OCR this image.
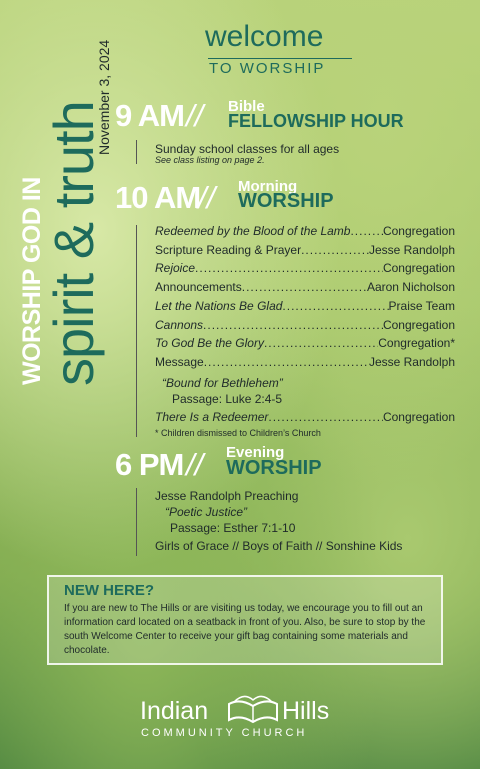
November 3, 2024
WORSHIP GOD IN
spirit & truth
welcome
TO WORSHIP
9 AM // Bible
FELLOWSHIP HOUR
Sunday school classes for all ages
See class listing on page 2.
10 AM
// Morning
WORSHIP
Redeemed by the Blood of the Lamb .....	Congregation
Scripture Reading & Prayer .....	Jesse Randolph
Rejoice .....	Congregation
Announcements .....	Aaron Nicholson
Let the Nations Be Glad .....	Praise Team
Cannons .....	Congregation
To God Be the Glory .....	Congregation*
Message .....	Jesse Randolph
“Bound for Bethlehem”
Passage: Luke 2:4-5
There Is a Redeemer .....	Congregation
* Children dismissed to Children’s Church
6 PM // Evening
WORSHIP
Jesse Randolph Preaching
“Poetic Justice”
Passage: Esther 7:1-10
Girls of Grace // Boys of Faith // Sonshine Kids
NEW HERE?
If you are new to The Hills or are visiting us today, we encourage you to fill out an information card located on a seatback in front of you. Also, be sure to stop by the south Welcome Center to receive your gift bag containing some materials and chocolate.
Indian	Hills
COMMUNITY CHURCH
